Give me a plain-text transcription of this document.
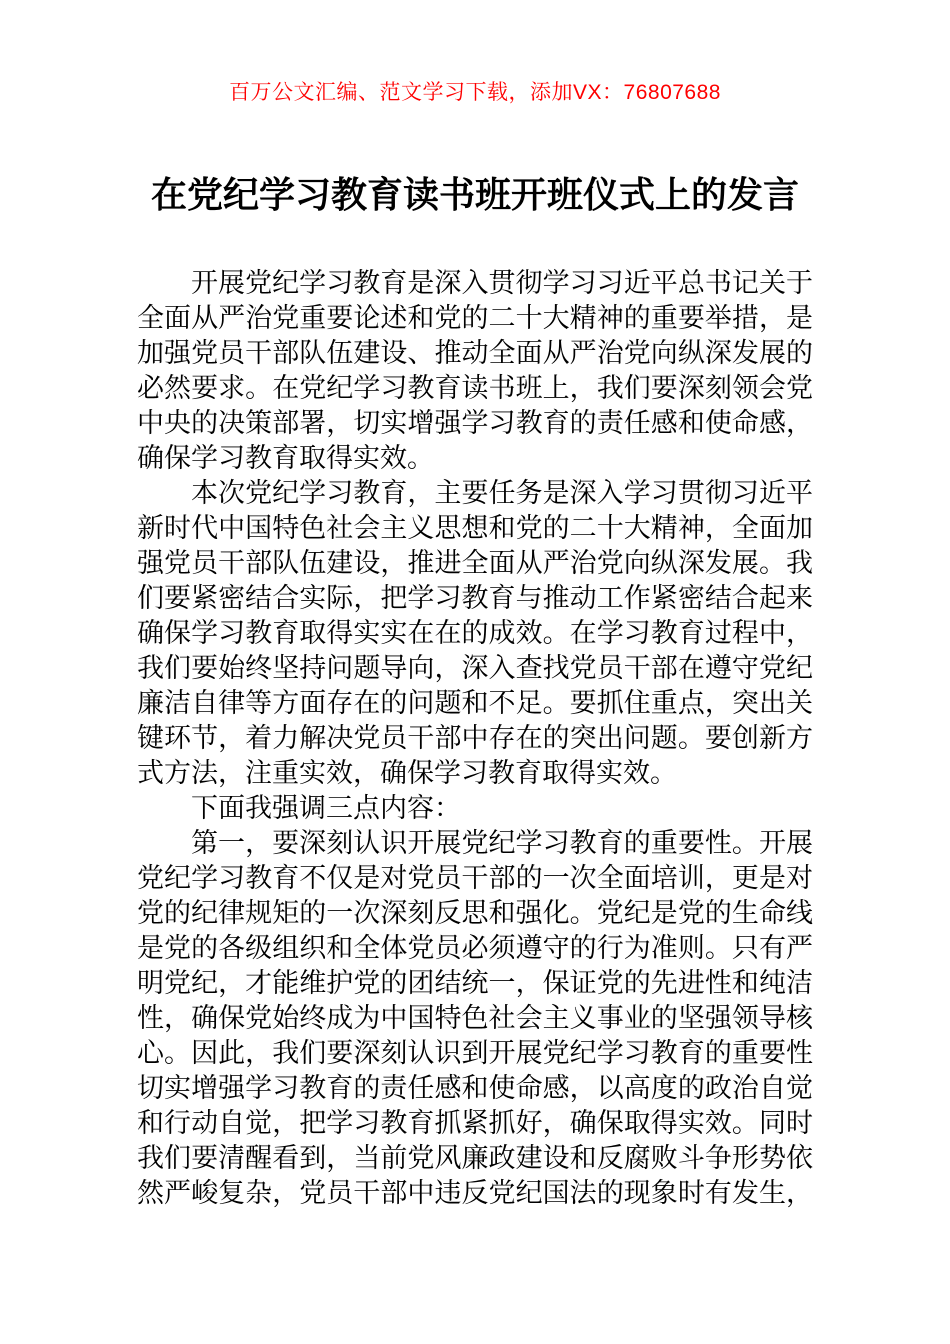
百万公文汇编、范文学习下载，添加VX：76807688
在党纪学习教育读书班开班仪式上的发言
开展党纪学习教育是深入贯彻学习习近平总书记关于
全面从严治党重要论述和党的二十大精神的重要举措，是
加强党员干部队伍建设、推动全面从严治党向纵深发展的
必然要求。在党纪学习教育读书班上，我们要深刻领会党
中央的决策部署，切实增强学习教育的责任感和使命感，
确保学习教育取得实效。
本次党纪学习教育，主要任务是深入学习贯彻习近平
新时代中国特色社会主义思想和党的二十大精神，全面加
强党员干部队伍建设，推进全面从严治党向纵深发展。我
们要紧密结合实际，把学习教育与推动工作紧密结合起来
确保学习教育取得实实在在的成效。在学习教育过程中，
我们要始终坚持问题导向，深入查找党员干部在遵守党纪
廉洁自律等方面存在的问题和不足。要抓住重点，突出关
键环节，着力解决党员干部中存在的突出问题。要创新方
式方法，注重实效，确保学习教育取得实效。
下面我强调三点内容：
第一，要深刻认识开展党纪学习教育的重要性。开展
党纪学习教育不仅是对党员干部的一次全面培训，更是对
党的纪律规矩的一次深刻反思和强化。党纪是党的生命线
是党的各级组织和全体党员必须遵守的行为准则。只有严
明党纪，才能维护党的团结统一，保证党的先进性和纯洁
性，确保党始终成为中国特色社会主义事业的坚强领导核
心。因此，我们要深刻认识到开展党纪学习教育的重要性
切实增强学习教育的责任感和使命感，以高度的政治自觉
和行动自觉，把学习教育抓紧抓好，确保取得实效。同时
我们要清醒看到，当前党风廉政建设和反腐败斗争形势依
然严峻复杂，党员干部中违反党纪国法的现象时有发生，
